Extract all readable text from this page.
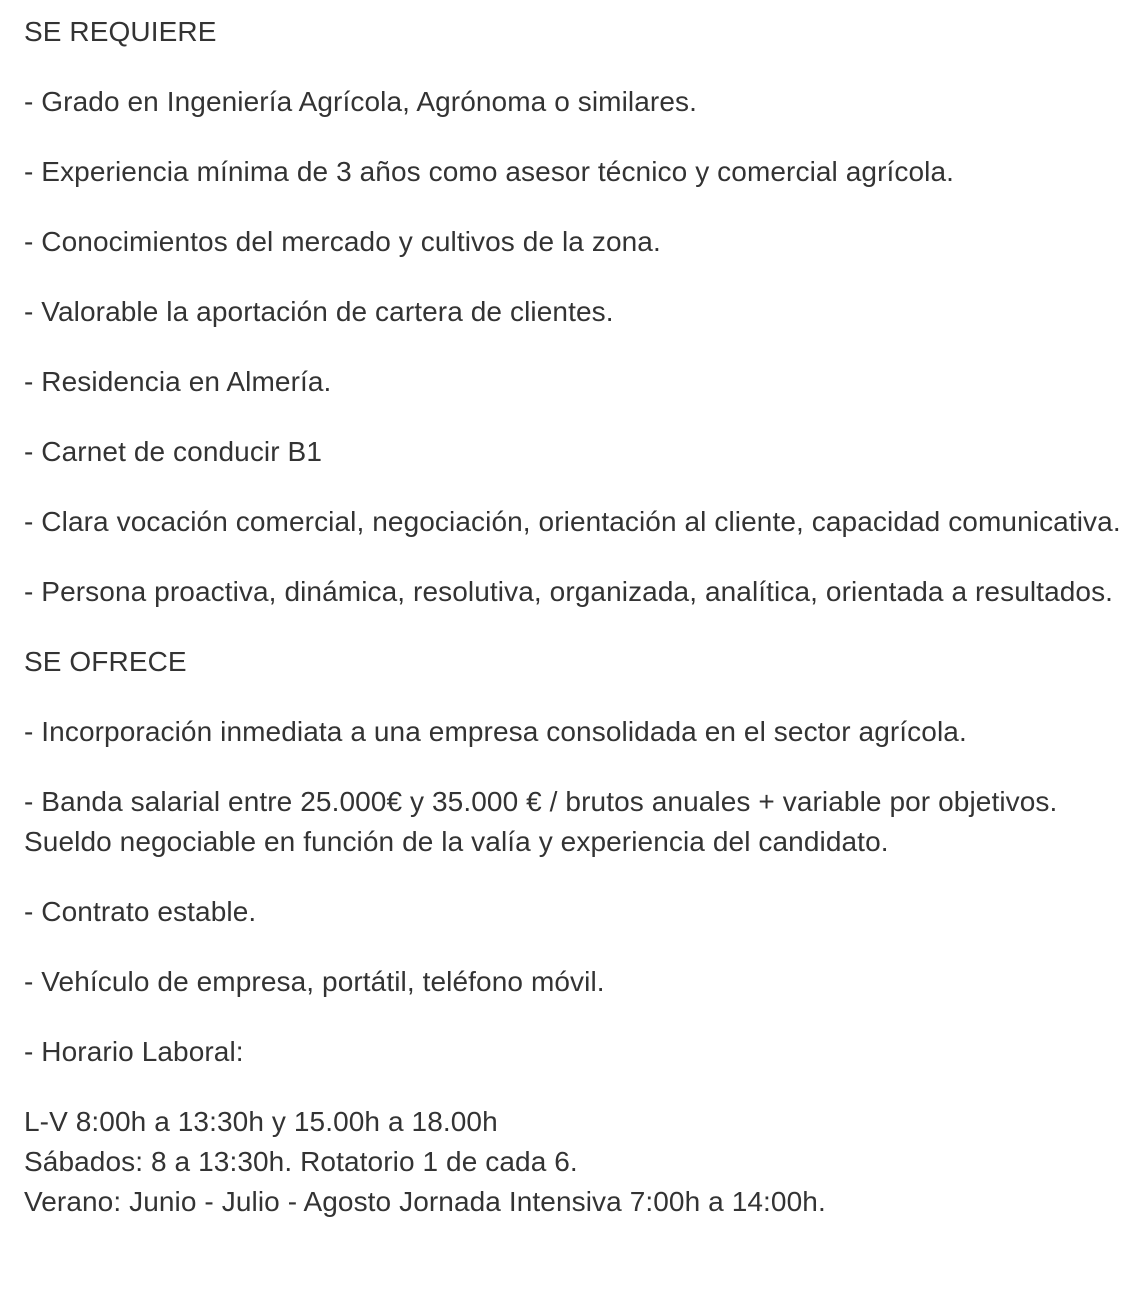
SE REQUIERE
- Grado en Ingeniería Agrícola, Agrónoma o similares.
- Experiencia mínima de 3 años como asesor técnico y comercial agrícola.
- Conocimientos del mercado y cultivos de la zona.
- Valorable la aportación de cartera de clientes.
- Residencia en Almería.
- Carnet de conducir B1
- Clara vocación comercial, negociación, orientación al cliente, capacidad comunicativa.
- Persona proactiva, dinámica, resolutiva, organizada, analítica, orientada a resultados.
SE OFRECE
- Incorporación inmediata a una empresa consolidada en el sector agrícola.
- Banda salarial entre 25.000€ y 35.000 € / brutos anuales + variable por objetivos. Sueldo negociable en función de la valía y experiencia del candidato.
- Contrato estable.
- Vehículo de empresa, portátil, teléfono móvil.
- Horario Laboral:
L-V 8:00h a 13:30h y 15.00h a 18.00h
Sábados: 8 a 13:30h. Rotatorio 1 de cada 6.
Verano: Junio - Julio - Agosto Jornada Intensiva 7:00h a 14:00h.
